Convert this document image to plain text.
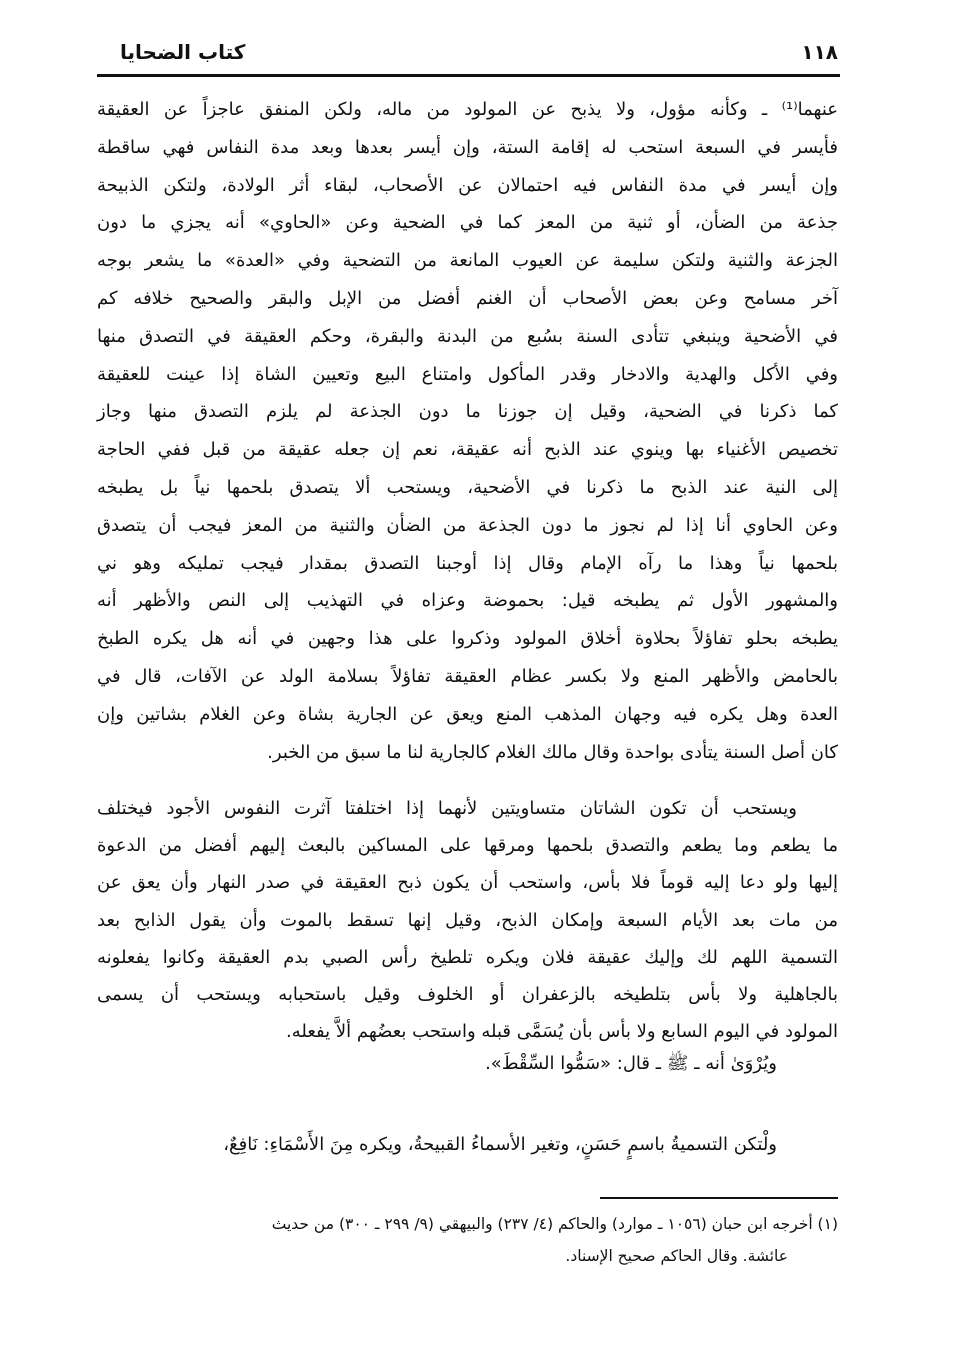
كتاب الضحايا	١١٨
عنهما⁽¹⁾ ـ وكأنه مؤول، ولا يذبح عن المولود من ماله، ولكن المنفق عاجزاً عن العقيقة
فأيسر في السبعة استحب له إقامة الستة، وإن أيسر بعدها وبعد مدة النفاس فهي ساقطة
وإن أيسر في مدة النفاس فيه احتمالان عن الأصحاب، لبقاء أثر الولادة، ولتكن الذبيحة
جذعة من الضأن، أو ثنية من المعز كما في الضحية وعن «الحاوي» أنه يجزي ما دون
الجزعة والثنية ولتكن سليمة عن العيوب المانعة من التضحية وفي «العدة» ما يشعر بوجه
آخر مسامح وعن بعض الأصحاب أن الغنم أفضل من الإبل والبقر والصحيح خلافه كم
في الأضحية وينبغي تتأدى السنة بسُبع من البدنة والبقرة، وحكم العقيقة في التصدق منها
وفي الأكل والهدية والادخار وقدر المأكول وامتناع البيع وتعيين الشاة إذا عينت للعقيقة
كما ذكرنا في الضحية، وقيل إن جوزنا ما دون الجذعة لم يلزم التصدق منها وجاز
تخصيص الأغنياء بها وينوي عند الذبح أنه عقيقة، نعم إن جعله عقيقة من قبل ففي الحاجة
إلى النية عند الذبح ما ذكرنا في الأضحية، ويستحب ألا يتصدق بلحمها نياً بل يطبخه
وعن الحاوي أنا إذا لم نجوز ما دون الجذعة من الضأن والثنية من المعز فيجب أن يتصدق
بلحمها نياً وهذا ما رآه الإمام وقال إذا أوجبنا التصدق بمقدار فيجب تمليكه وهو ني
والمشهور الأول ثم يطبخه قيل: بحموضة وعزاه في التهذيب إلى النص والأظهر أنه
يطبخه بحلو تفاؤلاً بحلاوة أخلاق المولود وذكروا على هذا وجهين في أنه هل يكره الطبخ
بالحامض والأظهر المنع ولا بكسر عظام العقيقة تفاؤلاً بسلامة الولد عن الآفات، قال في
العدة وهل يكره فيه وجهان المذهب المنع ويعق عن الجارية بشاة وعن الغلام بشاتين وإن
كان أصل السنة يتأدى بواحدة وقال مالك الغلام كالجارية لنا ما سبق من الخبر.
ويستحب أن تكون الشاتان متساويتين لأنهما إذا اختلفتا آثرت النفوس الأجود فيختلف
ما يطعم وما يطعم والتصدق بلحمها ومرقها على المساكين بالبعث إليهم أفضل من الدعوة
إليها ولو دعا إليه قوماً فلا بأس، واستحب أن يكون ذبح العقيقة في صدر النهار وأن يعق عن
من مات بعد الأيام السبعة وإمكان الذبح، وقيل إنها تسقط بالموت وأن يقول الذابح بعد
التسمية اللهم لك وإليك عقيقة فلان ويكره تلطيخ رأس الصبي بدم العقيقة وكانوا يفعلونه
بالجاهلية ولا بأس بتلطيخه بالزعفران أو الخلوف وقيل باستحبابه ويستحب أن يسمى
المولود في اليوم السابع ولا بأس بأن يُسَمَّى قبله واستحب بعضُهم ألاَّ يفعله.
ويُرْوَىٰ أنه ـ ﷺ ـ قال: «سَمُّوا السِّقْطَ».
ولْتكن التسميةُ باسمٍ حَسَنٍ، وتغير الأسماءُ القبيحةُ، ويكره مِنَ الأَسْمَاءِ: نَافِعٌ،
(١) أخرجه ابن حبان (١٠٥٦ ـ موارد) والحاكم (٤/ ٢٣٧) والبيهقي (٩/ ٢٩٩ ـ ٣٠٠) من حديث
عائشة. وقال الحاكم صحيح الإسناد.
